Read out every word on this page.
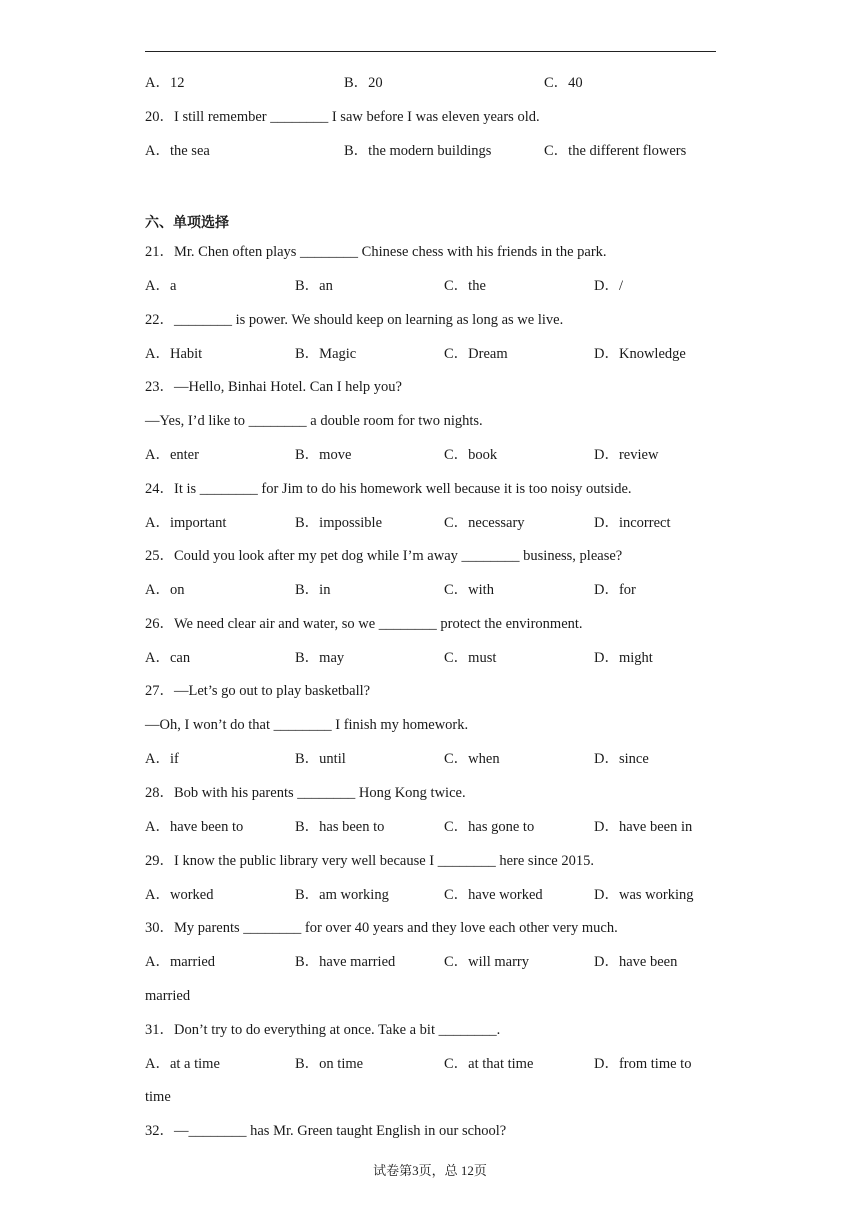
A．12	B．20	C．40
20．I still remember ________ I saw before I was eleven years old.
A．the sea	B．the modern buildings	C．the different flowers
六、单项选择
21．Mr. Chen often plays ________ Chinese chess with his friends in the park.
A．a	B．an	C．the	D．/
22．________ is power. We should keep on learning as long as we live.
A．Habit	B．Magic	C．Dream	D．Knowledge
23．—Hello, Binhai Hotel. Can I help you?
—Yes, I’d like to ________ a double room for two nights.
A．enter	B．move	C．book	D．review
24．It is ________ for Jim to do his homework well because it is too noisy outside.
A．important	B．impossible	C．necessary	D．incorrect
25．Could you look after my pet dog while I’m away ________ business, please?
A．on	B．in	C．with	D．for
26．We need clear air and water, so we ________ protect the environment.
A．can	B．may	C．must	D．might
27．—Let’s go out to play basketball?
—Oh, I won’t do that ________ I finish my homework.
A．if	B．until	C．when	D．since
28．Bob with his parents ________ Hong Kong twice.
A．have been to	B．has been to	C．has gone to	D．have been in
29．I know the public library very well because I ________ here since 2015.
A．worked	B．am working	C．have worked	D．was working
30．My parents ________ for over 40 years and they love each other very much.
A．married	B．have married	C．will marry	D．have been
married
31．Don’t try to do everything at once. Take a bit ________.
A．at a time	B．on time	C．at that time	D．from time to
time
32．—________ has Mr. Green taught English in our school?
试卷第3页，总 12页
